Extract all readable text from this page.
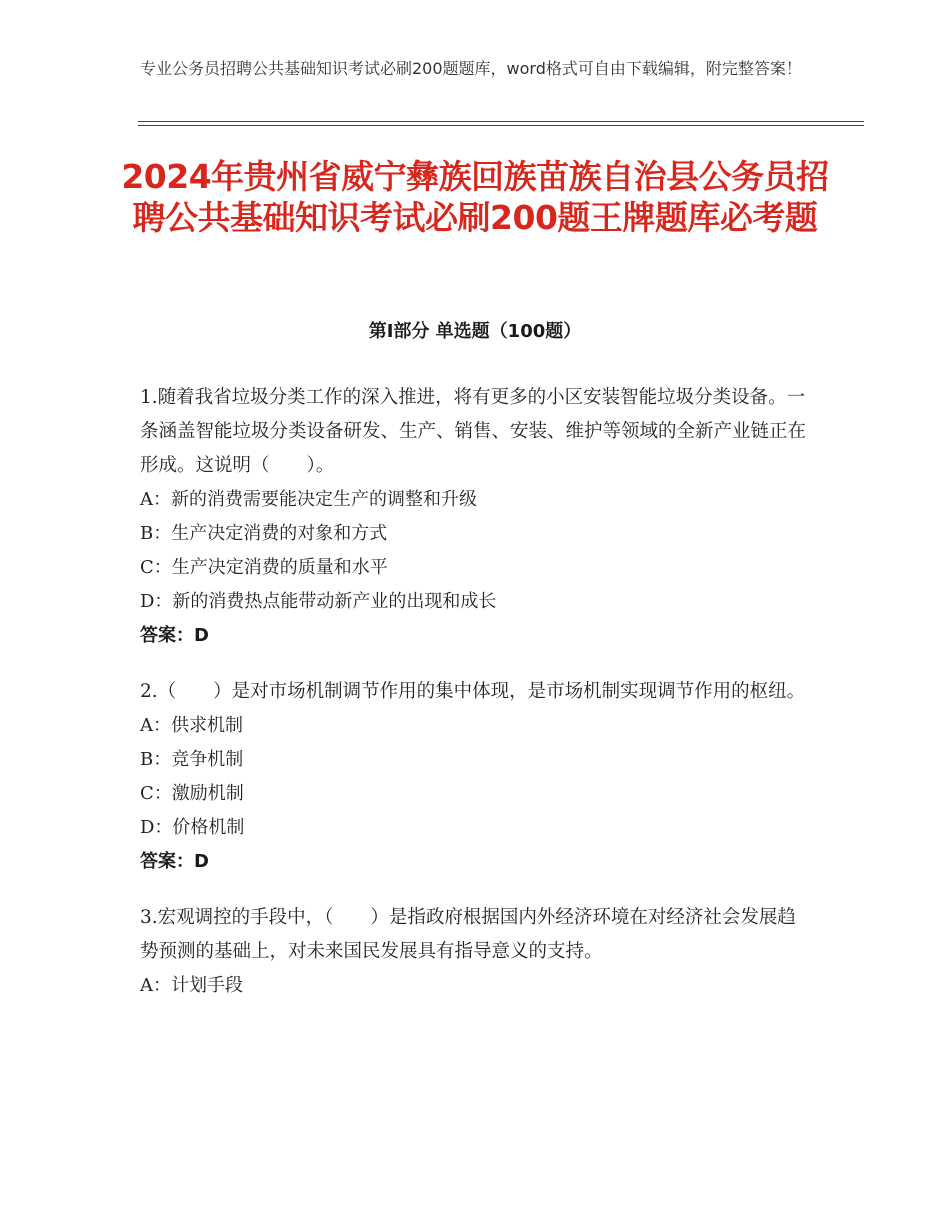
专业公务员招聘公共基础知识考试必刷200题题库，word格式可自由下载编辑，附完整答案！
2024年贵州省威宁彝族回族苗族自治县公务员招聘公共基础知识考试必刷200题王牌题库必考题
第Ⅰ部分 单选题（100题）

1.随着我省垃圾分类工作的深入推进，将有更多的小区安装智能垃圾分类设备。一条涵盖智能垃圾分类设备研发、生产、销售、安装、维护等领域的全新产业链正在形成。这说明（　　）。

A：新的消费需要能决定生产的调整和升级

B：生产决定消费的对象和方式

C：生产决定消费的质量和水平

D：新的消费热点能带动新产业的出现和成长

答案：D

2.（　　）是对市场机制调节作用的集中体现，是市场机制实现调节作用的枢纽。

A：供求机制

B：竞争机制

C：激励机制

D：价格机制

答案：D

3.宏观调控的手段中，（　　）是指政府根据国内外经济环境在对经济社会发展趋势预测的基础上，对未来国民发展具有指导意义的支持。

A：计划手段
